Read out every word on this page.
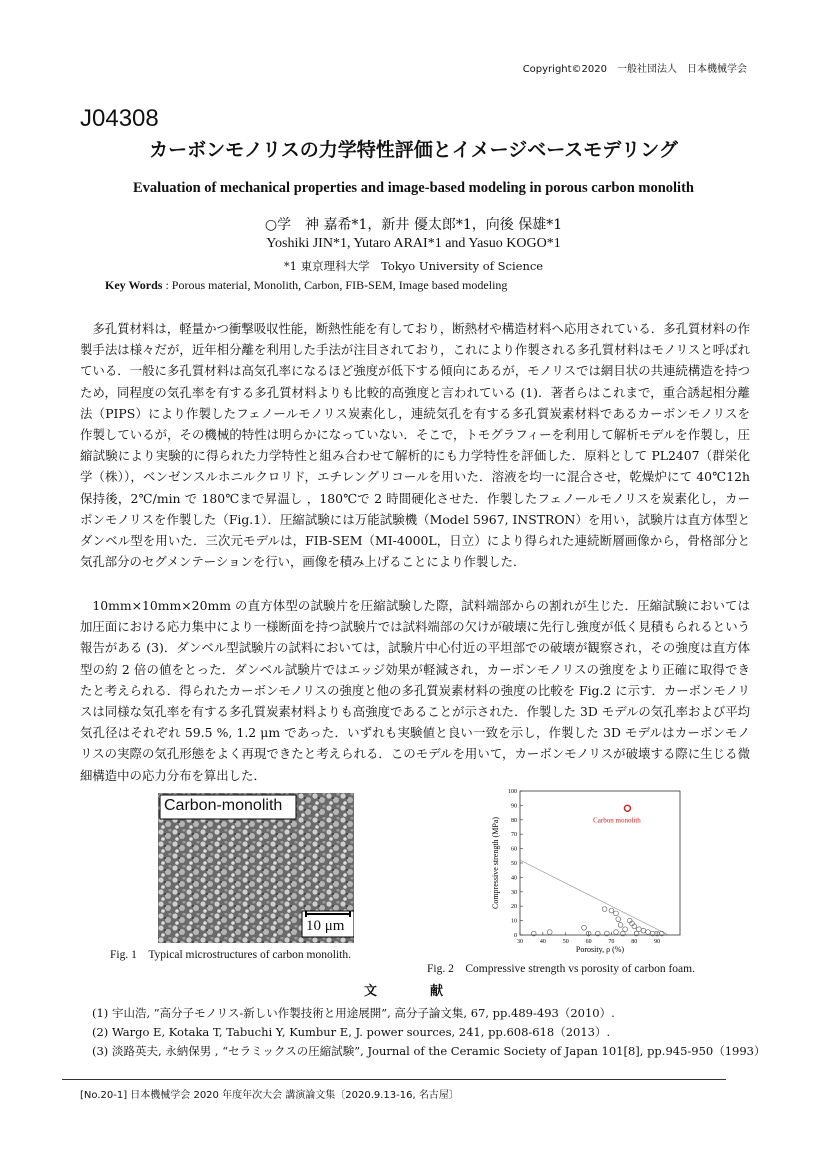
Copyright©2020　一般社団法人　日本機械学会
J04308
カーボンモノリスの力学特性評価とイメージベースモデリング
Evaluation of mechanical properties and image-based modeling in porous carbon monolith
○学　神 嘉希*1，新井 優太郎*1，向後 保雄*1
Yoshiki JIN*1, Yutaro ARAI*1 and Yasuo KOGO*1
*1 東京理科大学　Tokyo University of Science
Key Words : Porous material, Monolith, Carbon, FIB-SEM, Image based modeling

多孔質材料は，軽量かつ衝撃吸収性能，断熱性能を有しており，断熱材や構造材料へ応用されている．多孔質材料の作製手法は様々だが，近年相分離を利用した手法が注目されており，これにより作製される多孔質材料はモノリスと呼ばれている．一般に多孔質材料は高気孔率になるほど強度が低下する傾向にあるが，モノリスでは網目状の共連続構造を持つため，同程度の気孔率を有する多孔質材料よりも比較的高強度と言われている (1)．著者らはこれまで，重合誘起相分離法（PIPS）により作製したフェノールモノリス炭素化し，連続気孔を有する多孔質炭素材料であるカーボンモノリスを作製しているが，その機械的特性は明らかになっていない．そこで，トモグラフィーを利用して解析モデルを作製し，圧縮試験により実験的に得られた力学特性と組み合わせて解析的にも力学特性を評価した．原料として PL2407（群栄化学（株）），ベンゼンスルホニルクロリド，エチレングリコールを用いた．溶液を均一に混合させ，乾燥炉にて 40℃12h 保持後，2℃/min で 180℃まで昇温し ，180℃で 2 時間硬化させた．作製したフェノールモノリスを炭素化し，カーボンモノリスを作製した（Fig.1）．圧縮試験には万能試験機（Model 5967, INSTRON）を用い，試験片は直方体型とダンベル型を用いた．三次元モデルは，FIB-SEM（MI-4000L，日立）により得られた連続断層画像から，骨格部分と気孔部分のセグメンテーションを行い，画像を積み上げることにより作製した．

10mm×10mm×20mm の直方体型の試験片を圧縮試験した際，試料端部からの割れが生じた．圧縮試験においては加圧面における応力集中により一様断面を持つ試験片では試料端部の欠けが破壊に先行し強度が低く見積もられるという報告がある (3)．ダンベル型試験片の試料においては，試験片中心付近の平坦部での破壊が観察され，その強度は直方体型の約 2 倍の値をとった．ダンベル試験片ではエッジ効果が軽減され，カーボンモノリスの強度をより正確に取得できたと考えられる．得られたカーボンモノリスの強度と他の多孔質炭素材料の強度の比較を Fig.2 に示す．カーボンモノリスは同様な気孔率を有する多孔質炭素材料よりも高強度であることが示された．作製した 3D モデルの気孔率および平均気孔径はそれぞれ 59.5 %, 1.2 μm であった．いずれも実験値と良い一致を示し，作製した 3D モデルはカーボンモノリスの実際の気孔形態をよく再現できたと考えられる．このモデルを用いて，カーボンモノリスが破壊する際に生じる微細構造中の応力分布を算出した．

Carbon-monolith
10 μm
Fig. 1　Typical microstructures of carbon monolith.
0
10
20
30
40
50
60
70
80
90
100
30	40	50	60	70	80	90
Carbon monolith
Porosity, ρ (%)
Compressive strength (MPa)
Fig. 2　Compressive strength vs porosity of carbon foam.
文　献
(1) 宇山浩, ”高分子モノリス-新しい作製技術と用途展開”, 高分子論文集, 67, pp.489-493（2010）.
(2) Wargo E, Kotaka T, Tabuchi Y, Kumbur E, J. power sources, 241, pp.608-618（2013）.
(3) 淡路英夫, 永納保男 , “セラミックスの圧縮試験”, Journal of the Ceramic Society of Japan 101[8], pp.945-950（1993）
[No.20-1] 日本機械学会 2020 年度年次大会 講演論文集〔2020.9.13-16, 名古屋〕
